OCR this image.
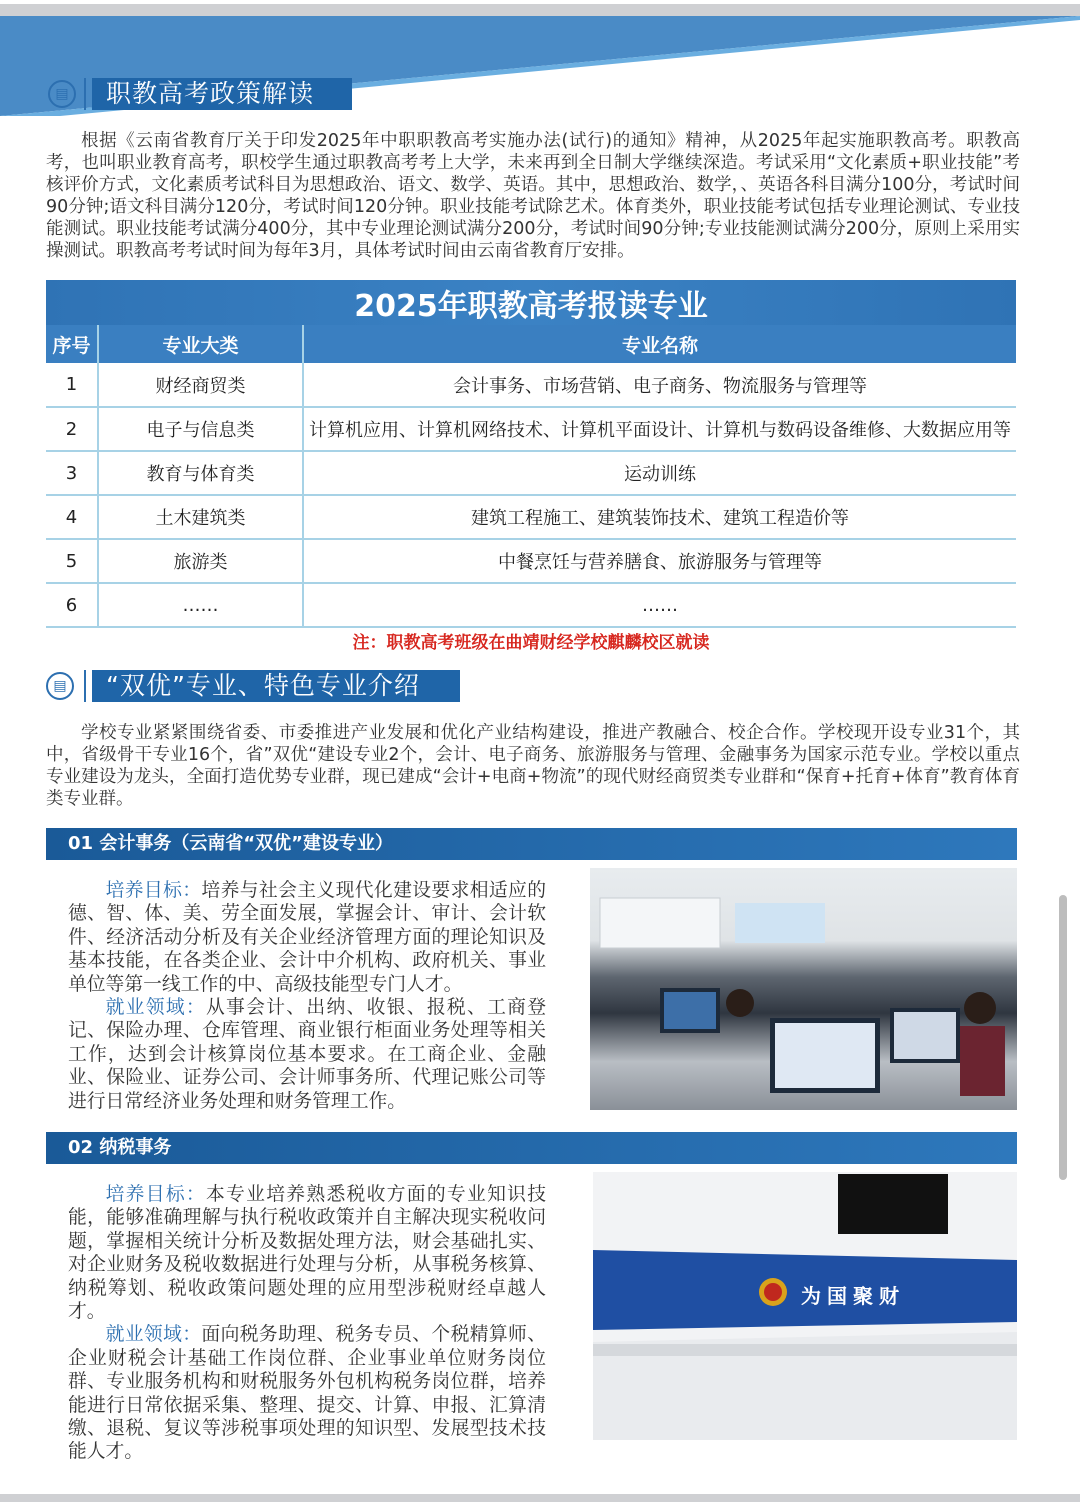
▤	职教高考政策解读
根据《云南省教育厅关于印发2025年中职职教高考实施办法(试行)的通知》精神，从2025年起实施职教高考。职教高考，也叫职业教育高考，职校学生通过职教高考考上大学，未来再到全日制大学继续深造。考试采用“文化素质+职业技能”考核评价方式，文化素质考试科目为思想政治、语文、数学、英语。其中，思想政治、数学，、英语各科目满分100分，考试时间90分钟;语文科目满分120分，考试时间120分钟。职业技能考试除艺术。体育类外，职业技能考试包括专业理论测试、专业技能测试。职业技能考试满分400分，其中专业理论测试满分200分，考试时间90分钟;专业技能测试满分200分，原则上采用实操测试。职教高考考试时间为每年3月，具体考试时间由云南省教育厅安排。
2025年职教高考报读专业		
序号	专业大类	专业名称
1	财经商贸类	会计事务、市场营销、电子商务、物流服务与管理等
2	电子与信息类	计算机应用、计算机网络技术、计算机平面设计、计算机与数码设备维修、大数据应用等
3	教育与体育类	运动训练
4	土木建筑类	建筑工程施工、建筑装饰技术、建筑工程造价等
5	旅游类	中餐烹饪与营养膳食、旅游服务与管理等
6	……	……
注：职教高考班级在曲靖财经学校麒麟校区就读
▤	“双优”专业、特色专业介绍
学校专业紧紧围绕省委、市委推进产业发展和优化产业结构建设，推进产教融合、校企合作。学校现开设专业31个，其中，省级骨干专业16个，省”双优“建设专业2个，会计、电子商务、旅游服务与管理、金融事务为国家示范专业。学校以重点专业建设为龙头，全面打造优势专业群，现已建成“会计+电商+物流”的现代财经商贸类专业群和“保育+托育+体育”教育体育类专业群。
01 会计事务（云南省“双优”建设专业）

培养目标：培养与社会主义现代化建设要求相适应的德、智、体、美、劳全面发展，掌握会计、审计、会计软件、经济活动分析及有关企业经济管理方面的理论知识及基本技能，在各类企业、会计中介机构、政府机关、事业单位等第一线工作的中、高级技能型专门人才。

就业领域：从事会计、出纳、收银、报税、工商登记、保险办理、仓库管理、商业银行柜面业务处理等相关工作，达到会计核算岗位基本要求。在工商企业、金融业、保险业、证券公司、会计师事务所、代理记账公司等进行日常经济业务处理和财务管理工作。

02 纳税事务

培养目标：本专业培养熟悉税收方面的专业知识技能，能够准确理解与执行税收政策并自主解决现实税收问题，掌握相关统计分析及数据处理方法，财会基础扎实、对企业财务及税收数据进行处理与分析，从事税务核算、纳税筹划、税收政策问题处理的应用型涉税财经卓越人才。

就业领域：面向税务助理、税务专员、个税精算师、企业财税会计基础工作岗位群、企业事业单位财务岗位群、专业服务机构和财税服务外包机构税务岗位群，培养能进行日常依据采集、整理、提交、计算、申报、汇算清缴、退税、复议等涉税事项处理的知识型、发展型技术技能人才。

为国聚财
